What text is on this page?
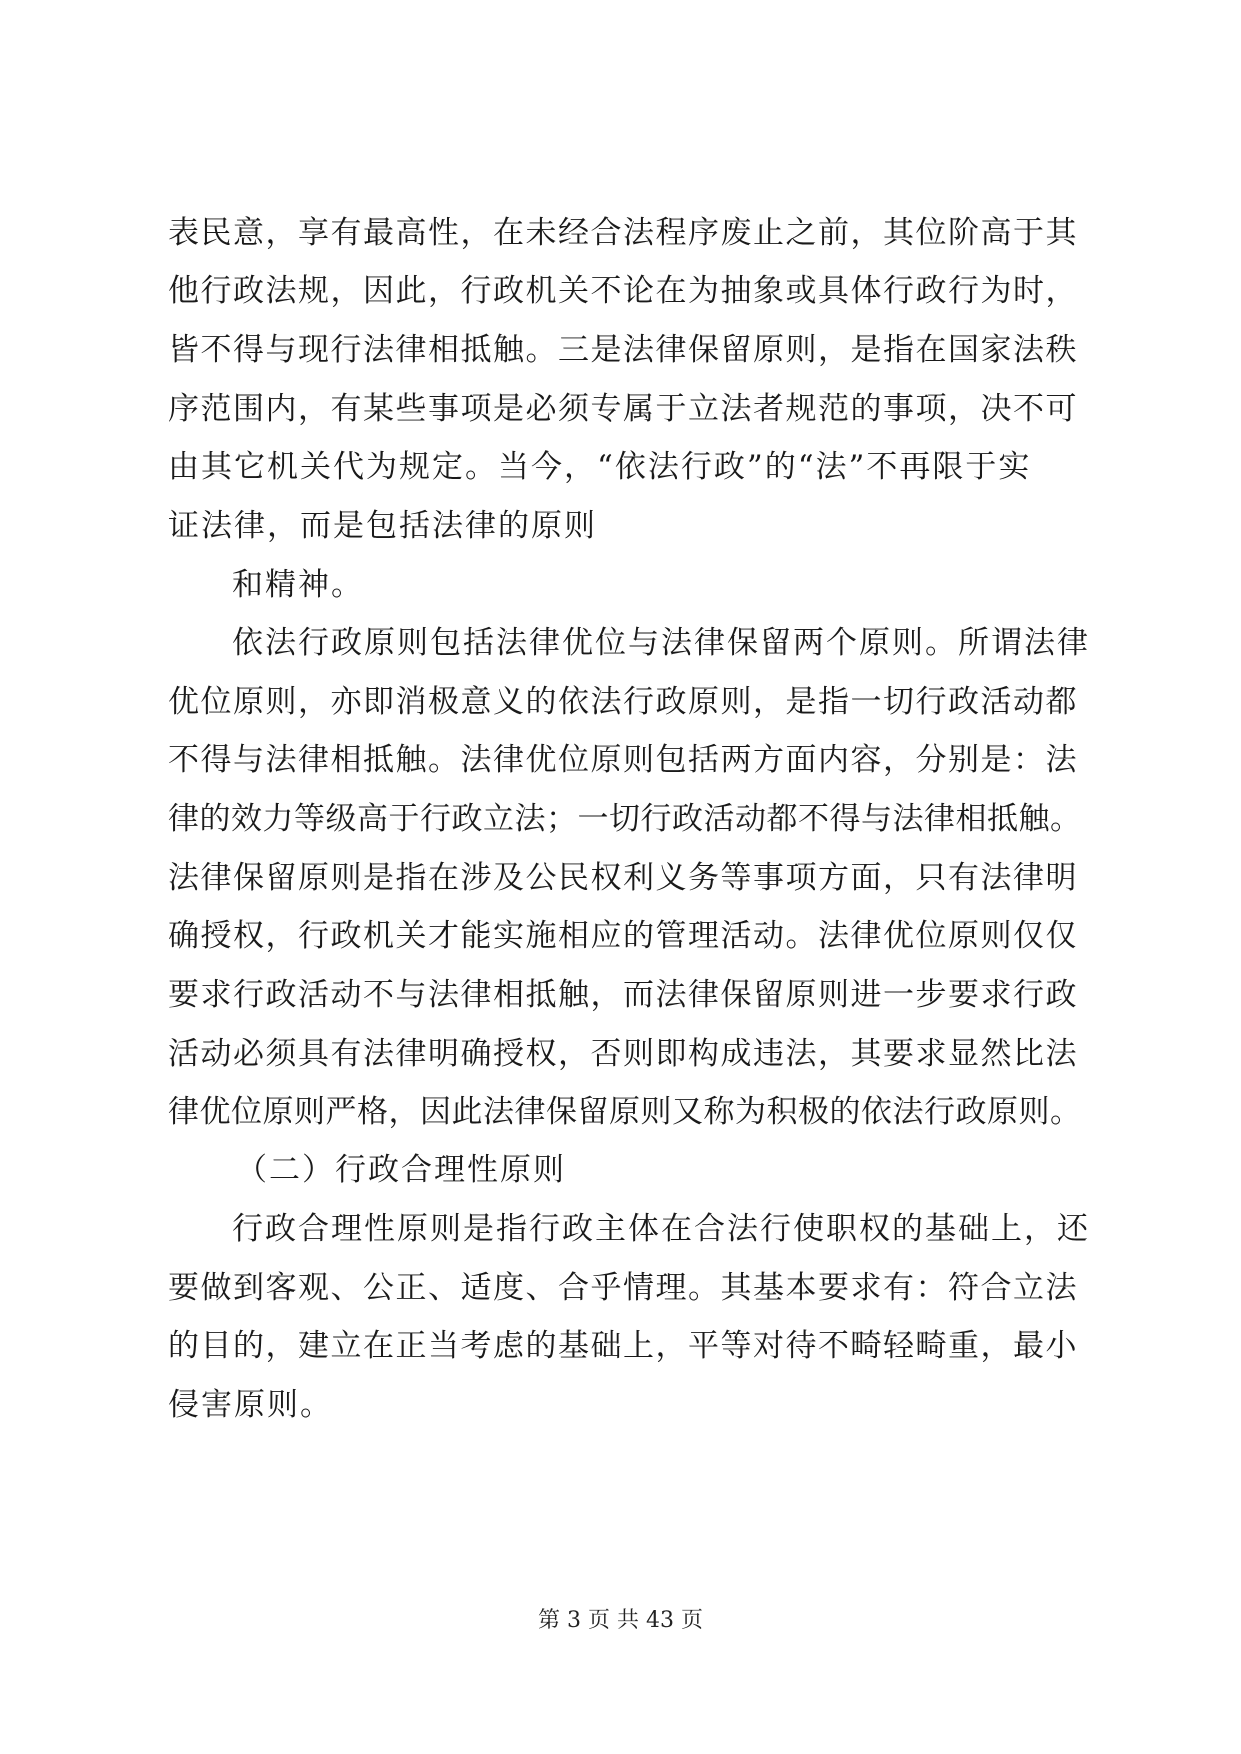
表民意，享有最高性，在未经合法程序废止之前，其位阶高于其
他行政法规，因此，行政机关不论在为抽象或具体行政行为时，
皆不得与现行法律相抵触。三是法律保留原则，是指在国家法秩
序范围内，有某些事项是必须专属于立法者规范的事项，决不可
由其它机关代为规定。当今，“依法行政”的“法”不再限于实
证法律，而是包括法律的原则
和精神。
依法行政原则包括法律优位与法律保留两个原则。所谓法律
优位原则，亦即消极意义的依法行政原则，是指一切行政活动都
不得与法律相抵触。法律优位原则包括两方面内容，分别是：法
律的效力等级高于行政立法；一切行政活动都不得与法律相抵触。
法律保留原则是指在涉及公民权利义务等事项方面，只有法律明
确授权，行政机关才能实施相应的管理活动。法律优位原则仅仅
要求行政活动不与法律相抵触，而法律保留原则进一步要求行政
活动必须具有法律明确授权，否则即构成违法，其要求显然比法
律优位原则严格，因此法律保留原则又称为积极的依法行政原则。
（二）行政合理性原则
行政合理性原则是指行政主体在合法行使职权的基础上，还
要做到客观、公正、适度、合乎情理。其基本要求有：符合立法
的目的，建立在正当考虑的基础上，平等对待不畸轻畸重，最小
侵害原则。
第 3 页 共 43 页
